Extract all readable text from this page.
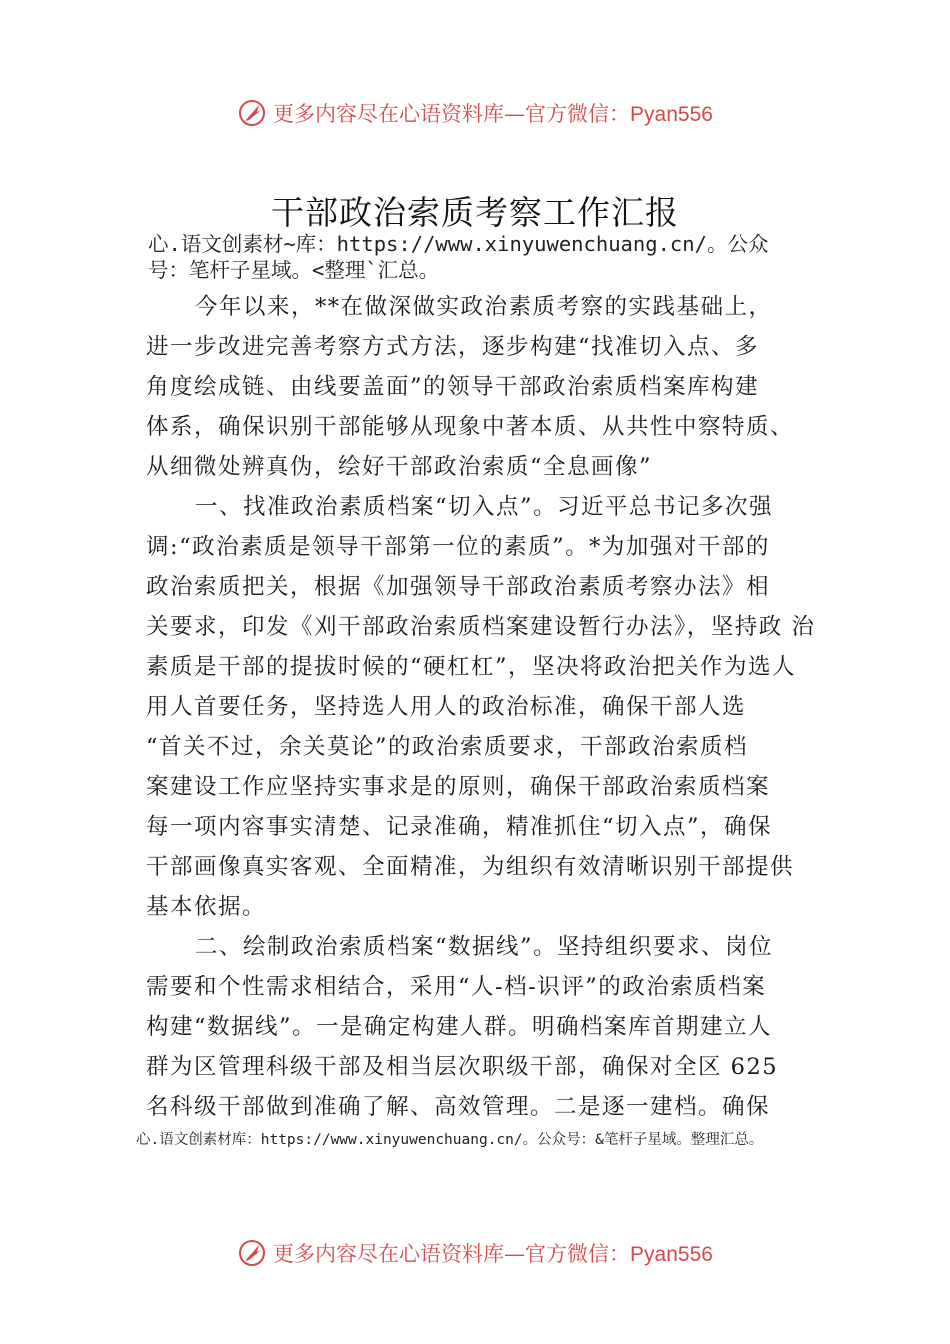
更多内容尽在心语资料库—官方微信：Pyan556
干部政治索质考察工作汇报
心.语文创素材~库：https://www.xinyuwenchuang.cn/。公众
号：笔杆子星域。<整理`汇总。
今年以来，**在做深做实政治素质考察的实践基础上，
进一步改进完善考察方式方法，逐步构建“找准切入点、多
角度绘成链、由线要盖面”的领导干部政治索质档案库构建
体系，确保识别干部能够从现象中著本质、从共性中察特质、
从细微处辨真伪，绘好干部政治索质“全息画像”
一、找准政治素质档案“切入点”。习近平总书记多次强
调:“政治素质是领导干部第一位的素质”。*为加强对干部的
政治索质把关，根据《加强领导干部政治素质考察办法》相
关要求，印发《刈干部政治索质档案建设暂行办法》，坚持政 治
素质是干部的提拔时候的“硬杠杠”，坚决将政治把关作为选人
用人首要任务，坚持选人用人的政治标准，确保干部人选
“首关不过，余关莫论”的政治索质要求，干部政治索质档
案建设工作应坚持实事求是的原则，确保干部政治索质档案
每一项内容事实清楚、记录准确，精准抓住“切入点”，确保
干部画像真实客观、全面精准，为组织有效清晰识别干部提供
基本依据。
二、绘制政治索质档案“数据线”。坚持组织要求、岗位
需要和个性需求相结合，采用“人-档-识评”的政治索质档案
构建“数据线”。一是确定构建人群。明确档案库首期建立人
群为区管理科级干部及相当层次职级干部，确保对全区 625
名科级干部做到准确了解、高效管理。二是逐一建档。确保
心.语文创素材库：https://www.xinyuwenchuang.cn/。公众号：&笔杆子星域。整理汇总。
更多内容尽在心语资料库—官方微信：Pyan556
